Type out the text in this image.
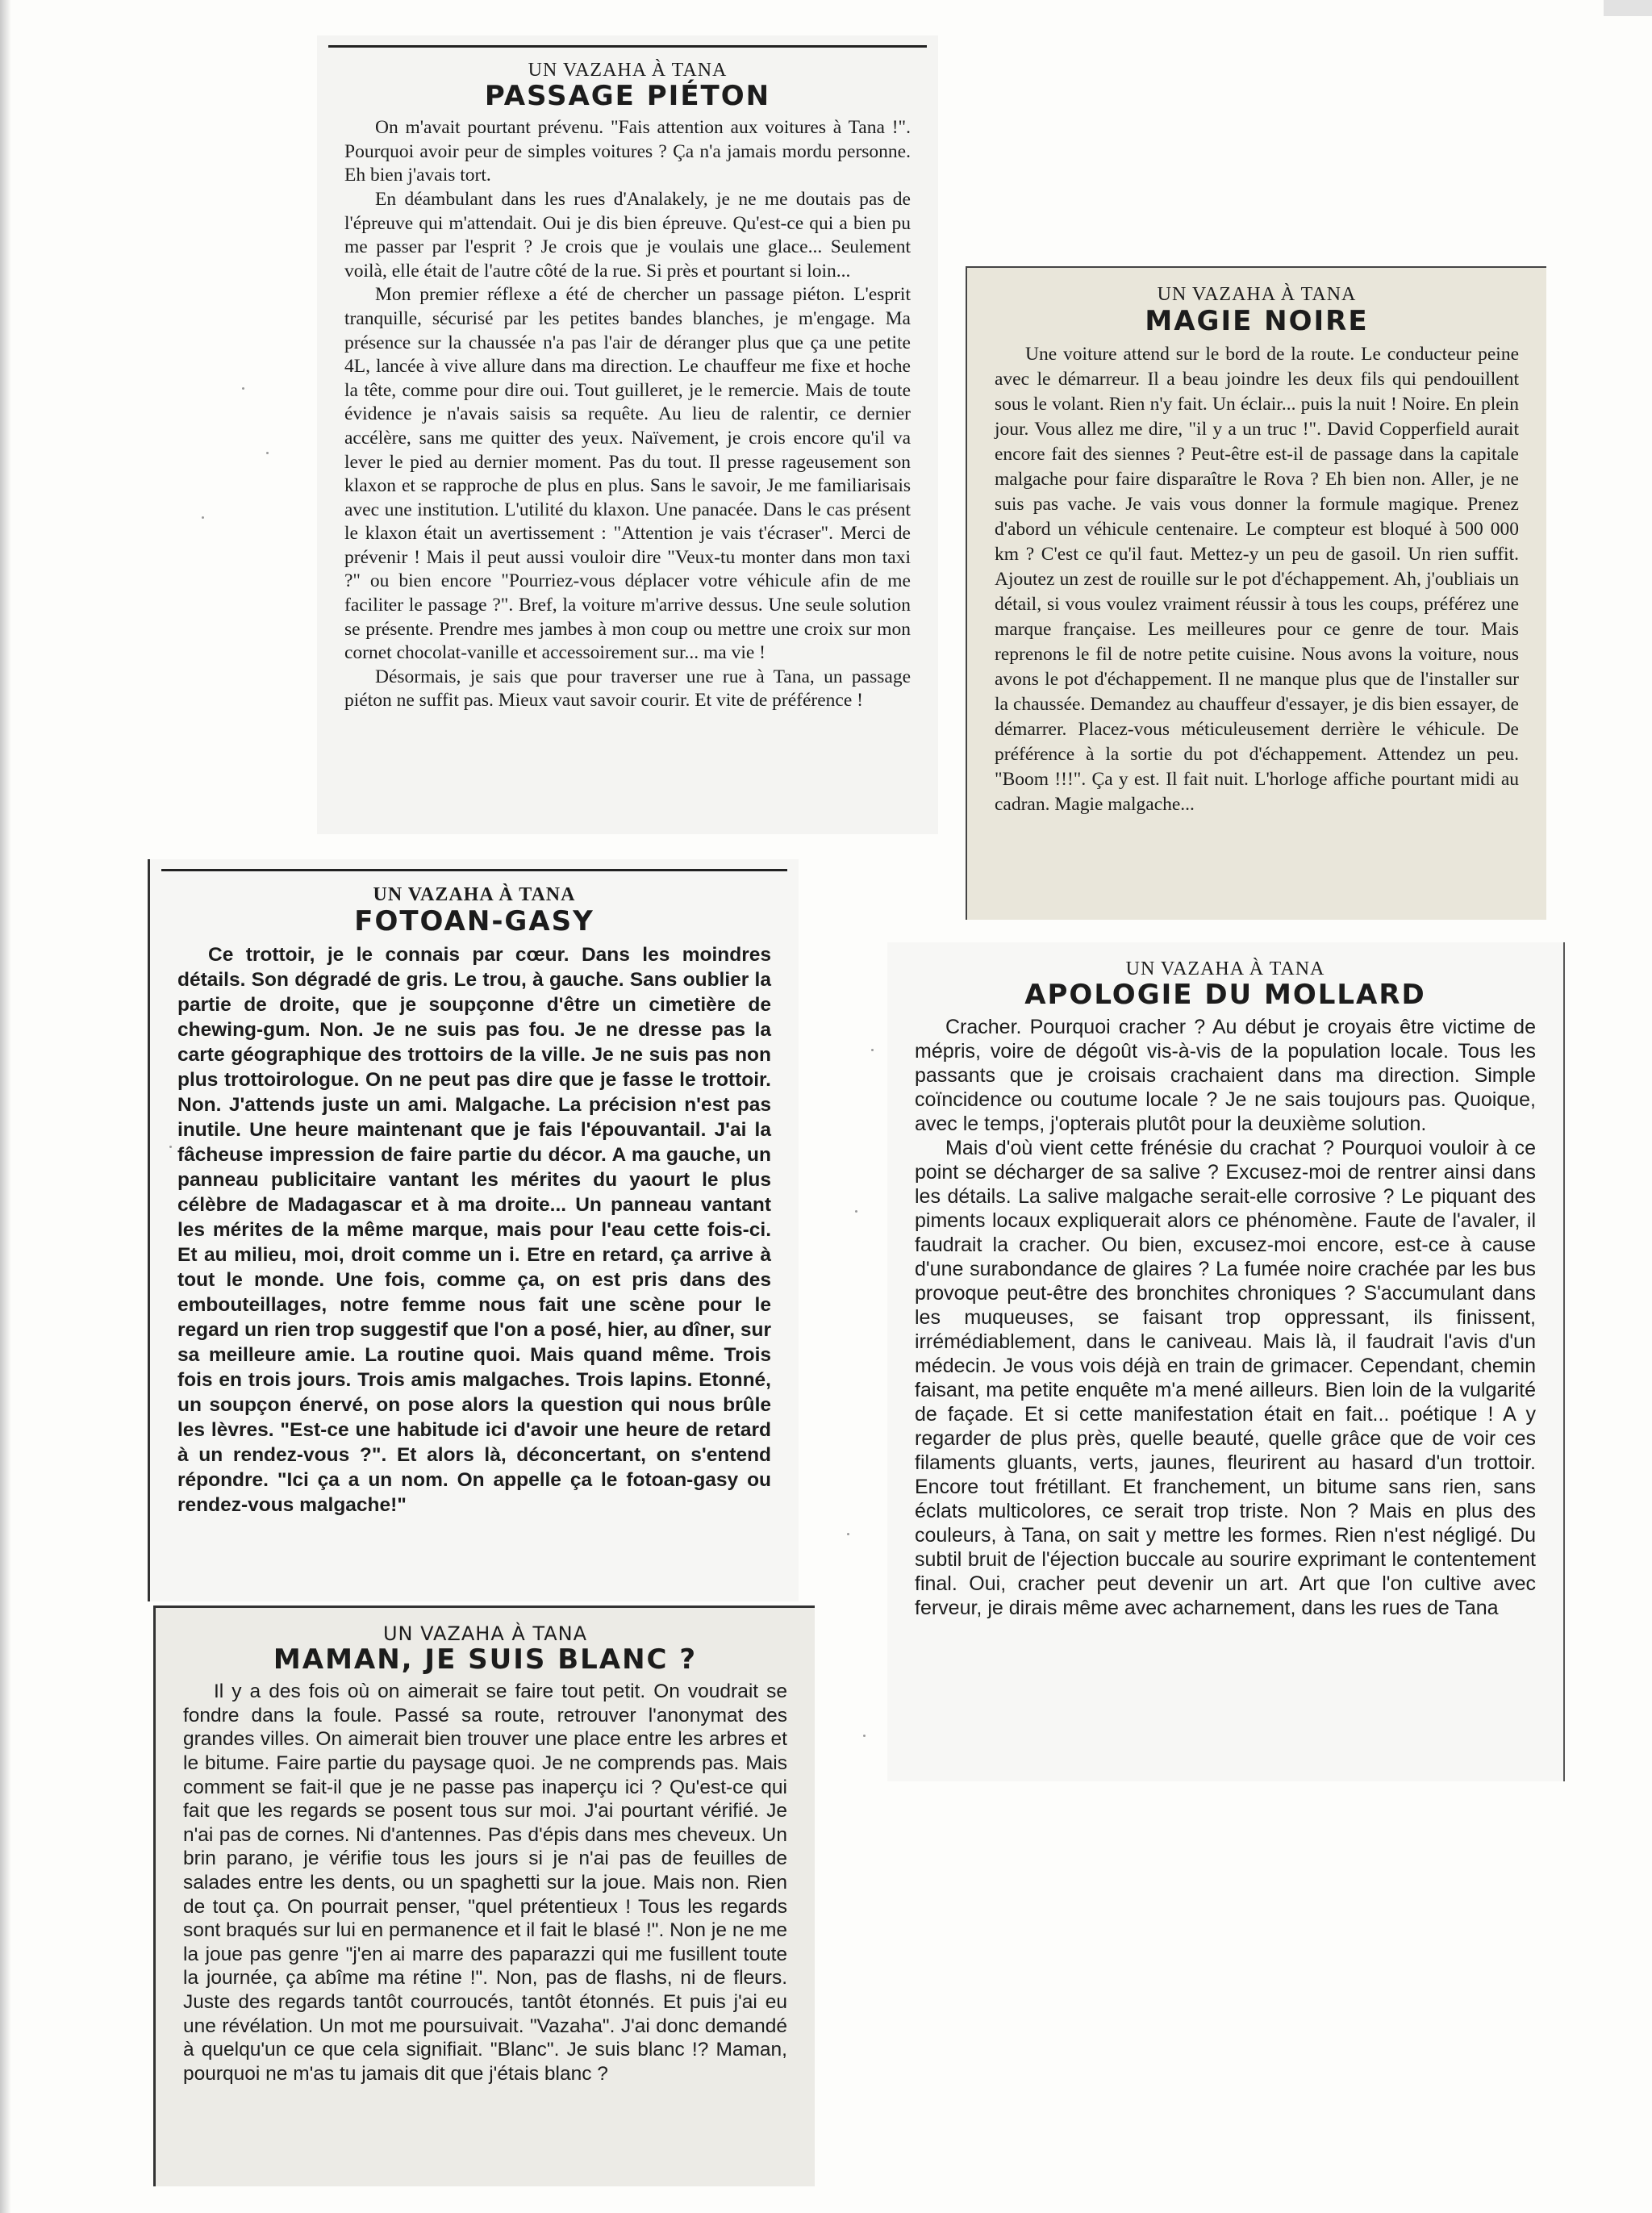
UN VAZAHA À TANA
PASSAGE PIÉTON

On m'avait pourtant prévenu. "Fais attention aux voitures à Tana !". Pourquoi avoir peur de simples voitures ? Ça n'a jamais mordu personne. Eh bien j'avais tort.

En déambulant dans les rues d'Analakely, je ne me doutais pas de l'épreuve qui m'attendait. Oui je dis bien épreuve. Qu'est-ce qui a bien pu me passer par l'esprit ? Je crois que je voulais une glace... Seulement voilà, elle était de l'autre côté de la rue. Si près et pourtant si loin...

Mon premier réflexe a été de chercher un passage piéton. L'esprit tranquille, sécurisé par les petites bandes blanches, je m'engage. Ma présence sur la chaussée n'a pas l'air de déranger plus que ça une petite 4L, lancée à vive allure dans ma direction. Le chauffeur me fixe et hoche la tête, comme pour dire oui. Tout guilleret, je le remercie. Mais de toute évidence je n'avais saisis sa requête. Au lieu de ralentir, ce dernier accélère, sans me quitter des yeux. Naïvement, je crois encore qu'il va lever le pied au dernier moment. Pas du tout. Il presse rageusement son klaxon et se rapproche de plus en plus. Sans le savoir, Je me familiarisais avec une institution. L'utilité du klaxon. Une panacée. Dans le cas présent le klaxon était un avertissement : "Attention je vais t'écraser". Merci de prévenir ! Mais il peut aussi vouloir dire "Veux-tu monter dans mon taxi ?" ou bien encore "Pourriez-vous déplacer votre véhicule afin de me faciliter le passage ?". Bref, la voiture m'arrive dessus. Une seule solution se présente. Prendre mes jambes à mon coup ou mettre une croix sur mon cornet chocolat-vanille et accessoirement sur... ma vie !

Désormais, je sais que pour traverser une rue à Tana, un passage piéton ne suffit pas. Mieux vaut savoir courir. Et vite de préférence !

UN VAZAHA À TANA
MAGIE NOIRE

Une voiture attend sur le bord de la route. Le conducteur peine avec le démarreur. Il a beau joindre les deux fils qui pendouillent sous le volant. Rien n'y fait. Un éclair... puis la nuit ! Noire. En plein jour. Vous allez me dire, "il y a un truc !". David Copperfield aurait encore fait des siennes ? Peut-être est-il de passage dans la capitale malgache pour faire disparaître le Rova ? Eh bien non. Aller, je ne suis pas vache. Je vais vous donner la formule magique. Prenez d'abord un véhicule centenaire. Le compteur est bloqué à 500 000 km ? C'est ce qu'il faut. Mettez-y un peu de gasoil. Un rien suffit. Ajoutez un zest de rouille sur le pot d'échappement. Ah, j'oubliais un détail, si vous voulez vraiment réussir à tous les coups, préférez une marque française. Les meilleures pour ce genre de tour. Mais reprenons le fil de notre petite cuisine. Nous avons la voiture, nous avons le pot d'échappement. Il ne manque plus que de l'installer sur la chaussée. Demandez au chauffeur d'essayer, je dis bien essayer, de démarrer. Placez-vous méticuleusement derrière le véhicule. De préférence à la sortie du pot d'échappement. Attendez un peu. "Boom !!!". Ça y est. Il fait nuit. L'horloge affiche pourtant midi au cadran. Magie malgache...

UN VAZAHA À TANA
FOTOAN-GASY

Ce trottoir, je le connais par cœur. Dans les moindres détails. Son dégradé de gris. Le trou, à gauche. Sans oublier la partie de droite, que je soupçonne d'être un cimetière de chewing-gum. Non. Je ne suis pas fou. Je ne dresse pas la carte géographique des trottoirs de la ville. Je ne suis pas non plus trottoirologue. On ne peut pas dire que je fasse le trottoir. Non. J'attends juste un ami. Malgache. La précision n'est pas inutile. Une heure maintenant que je fais l'épouvantail. J'ai la fâcheuse impression de faire partie du décor. A ma gauche, un panneau publicitaire vantant les mérites du yaourt le plus célèbre de Madagascar et à ma droite... Un panneau vantant les mérites de la même marque, mais pour l'eau cette fois-ci. Et au milieu, moi, droit comme un i. Etre en retard, ça arrive à tout le monde. Une fois, comme ça, on est pris dans des embouteillages, notre femme nous fait une scène pour le regard un rien trop suggestif que l'on a posé, hier, au dîner, sur sa meilleure amie. La routine quoi. Mais quand même. Trois fois en trois jours. Trois amis malgaches. Trois lapins. Etonné, un soupçon énervé, on pose alors la question qui nous brûle les lèvres. "Est-ce une habitude ici d'avoir une heure de retard à un rendez-vous ?". Et alors là, déconcertant, on s'entend répondre. "Ici ça a un nom. On appelle ça le fotoan-gasy ou rendez-vous malgache!"

UN VAZAHA À TANA
APOLOGIE DU MOLLARD

Cracher. Pourquoi cracher ? Au début je croyais être victime de mépris, voire de dégoût vis-à-vis de la population locale. Tous les passants que je croisais crachaient dans ma direction. Simple coïncidence ou coutume locale ? Je ne sais toujours pas. Quoique, avec le temps, j'opterais plutôt pour la deuxième solution.

Mais d'où vient cette frénésie du crachat ? Pourquoi vouloir à ce point se décharger de sa salive ? Excusez-moi de rentrer ainsi dans les détails. La salive malgache serait-elle corrosive ? Le piquant des piments locaux expliquerait alors ce phénomène. Faute de l'avaler, il faudrait la cracher. Ou bien, excusez-moi encore, est-ce à cause d'une surabondance de glaires ? La fumée noire crachée par les bus provoque peut-être des bronchites chroniques ? S'accumulant dans les muqueuses, se faisant trop oppressant, ils finissent, irrémédiablement, dans le caniveau. Mais là, il faudrait l'avis d'un médecin. Je vous vois déjà en train de grimacer. Cependant, chemin faisant, ma petite enquête m'a mené ailleurs. Bien loin de la vulgarité de façade. Et si cette manifestation était en fait... poétique ! A y regarder de plus près, quelle beauté, quelle grâce que de voir ces filaments gluants, verts, jaunes, fleurirent au hasard d'un trottoir. Encore tout frétillant. Et franchement, un bitume sans rien, sans éclats multicolores, ce serait trop triste. Non ? Mais en plus des couleurs, à Tana, on sait y mettre les formes. Rien n'est négligé. Du subtil bruit de l'éjection buccale au sourire exprimant le contentement final. Oui, cracher peut devenir un art. Art que l'on cultive avec ferveur, je dirais même avec acharnement, dans les rues de Tana

UN VAZAHA À TANA
MAMAN, JE SUIS BLANC ?

Il y a des fois où on aimerait se faire tout petit. On voudrait se fondre dans la foule. Passé sa route, retrouver l'anonymat des grandes villes. On aimerait bien trouver une place entre les arbres et le bitume. Faire partie du paysage quoi. Je ne comprends pas. Mais comment se fait-il que je ne passe pas inaperçu ici ? Qu'est-ce qui fait que les regards se posent tous sur moi. J'ai pourtant vérifié. Je n'ai pas de cornes. Ni d'antennes. Pas d'épis dans mes cheveux. Un brin parano, je vérifie tous les jours si je n'ai pas de feuilles de salades entre les dents, ou un spaghetti sur la joue. Mais non. Rien de tout ça. On pourrait penser, "quel prétentieux ! Tous les regards sont braqués sur lui en permanence et il fait le blasé !". Non je ne me la joue pas genre "j'en ai marre des paparazzi qui me fusillent toute la journée, ça abîme ma rétine !". Non, pas de flashs, ni de fleurs. Juste des regards tantôt courroucés, tantôt étonnés. Et puis j'ai eu une révélation. Un mot me poursuivait. "Vazaha". J'ai donc demandé à quelqu'un ce que cela signifiait. "Blanc". Je suis blanc !? Maman, pourquoi ne m'as tu jamais dit que j'étais blanc ?
